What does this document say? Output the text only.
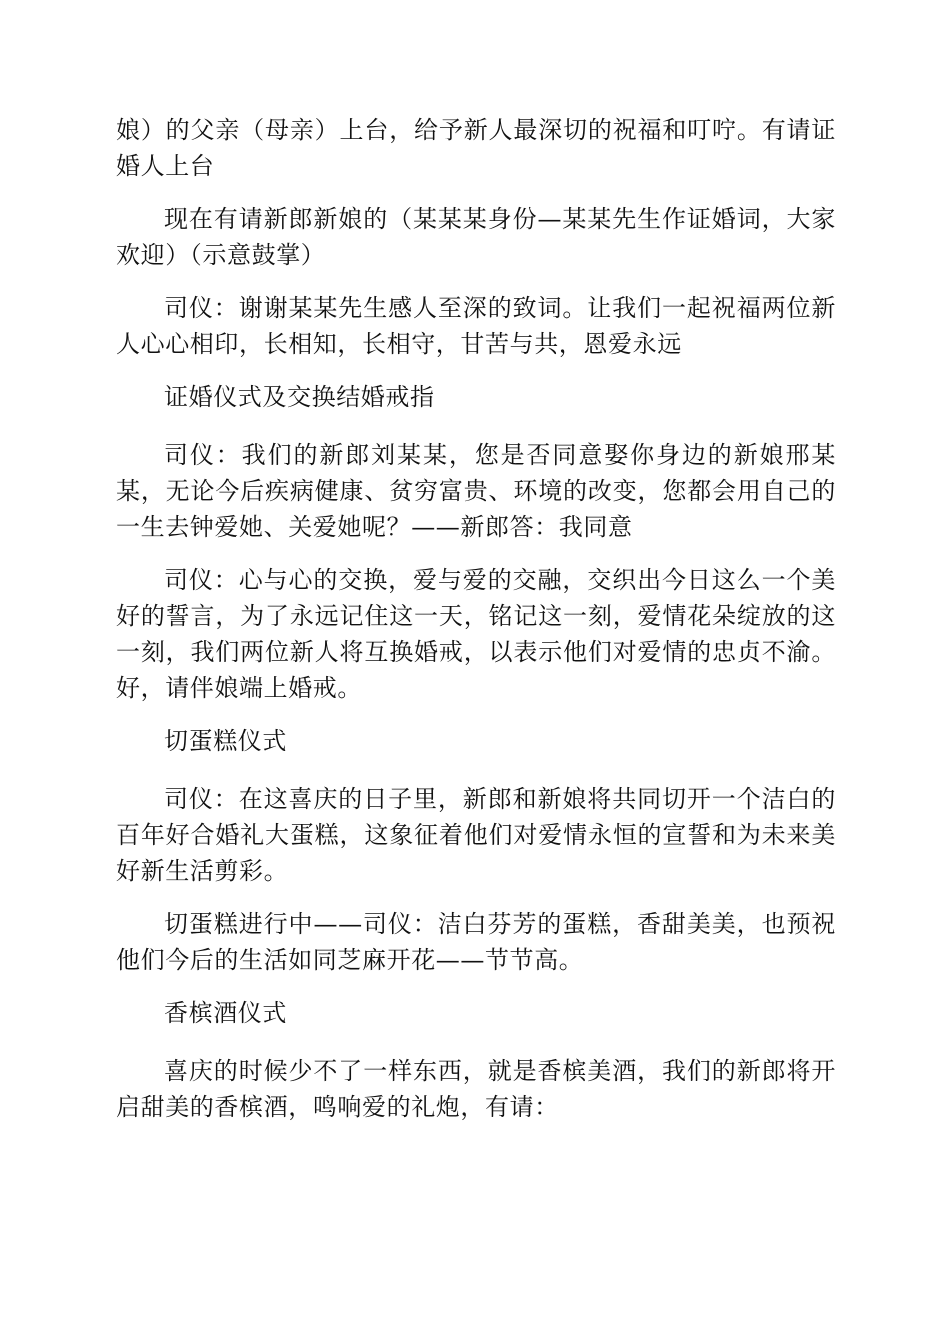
娘）的父亲（母亲）上台，给予新人最深切的祝福和叮咛。有请证婚人上台

现在有请新郎新娘的（某某某身份—某某先生作证婚词，大家欢迎）（示意鼓掌）

司仪：谢谢某某先生感人至深的致词。让我们一起祝福两位新人心心相印，长相知，长相守，甘苦与共，恩爱永远

证婚仪式及交换结婚戒指

司仪：我们的新郎刘某某，您是否同意娶你身边的新娘邢某某，无论今后疾病健康、贫穷富贵、环境的改变，您都会用自己的一生去钟爱她、关爱她呢？——新郎答：我同意

司仪：心与心的交换，爱与爱的交融，交织出今日这么一个美好的誓言，为了永远记住这一天，铭记这一刻，爱情花朵绽放的这一刻，我们两位新人将互换婚戒，以表示他们对爱情的忠贞不渝。好，请伴娘端上婚戒。

切蛋糕仪式

司仪：在这喜庆的日子里，新郎和新娘将共同切开一个洁白的百年好合婚礼大蛋糕，这象征着他们对爱情永恒的宣誓和为未来美好新生活剪彩。

切蛋糕进行中——司仪：洁白芬芳的蛋糕，香甜美美，也预祝他们今后的生活如同芝麻开花——节节高。

香槟酒仪式

喜庆的时候少不了一样东西，就是香槟美酒，我们的新郎将开启甜美的香槟酒，鸣响爱的礼炮，有请：
